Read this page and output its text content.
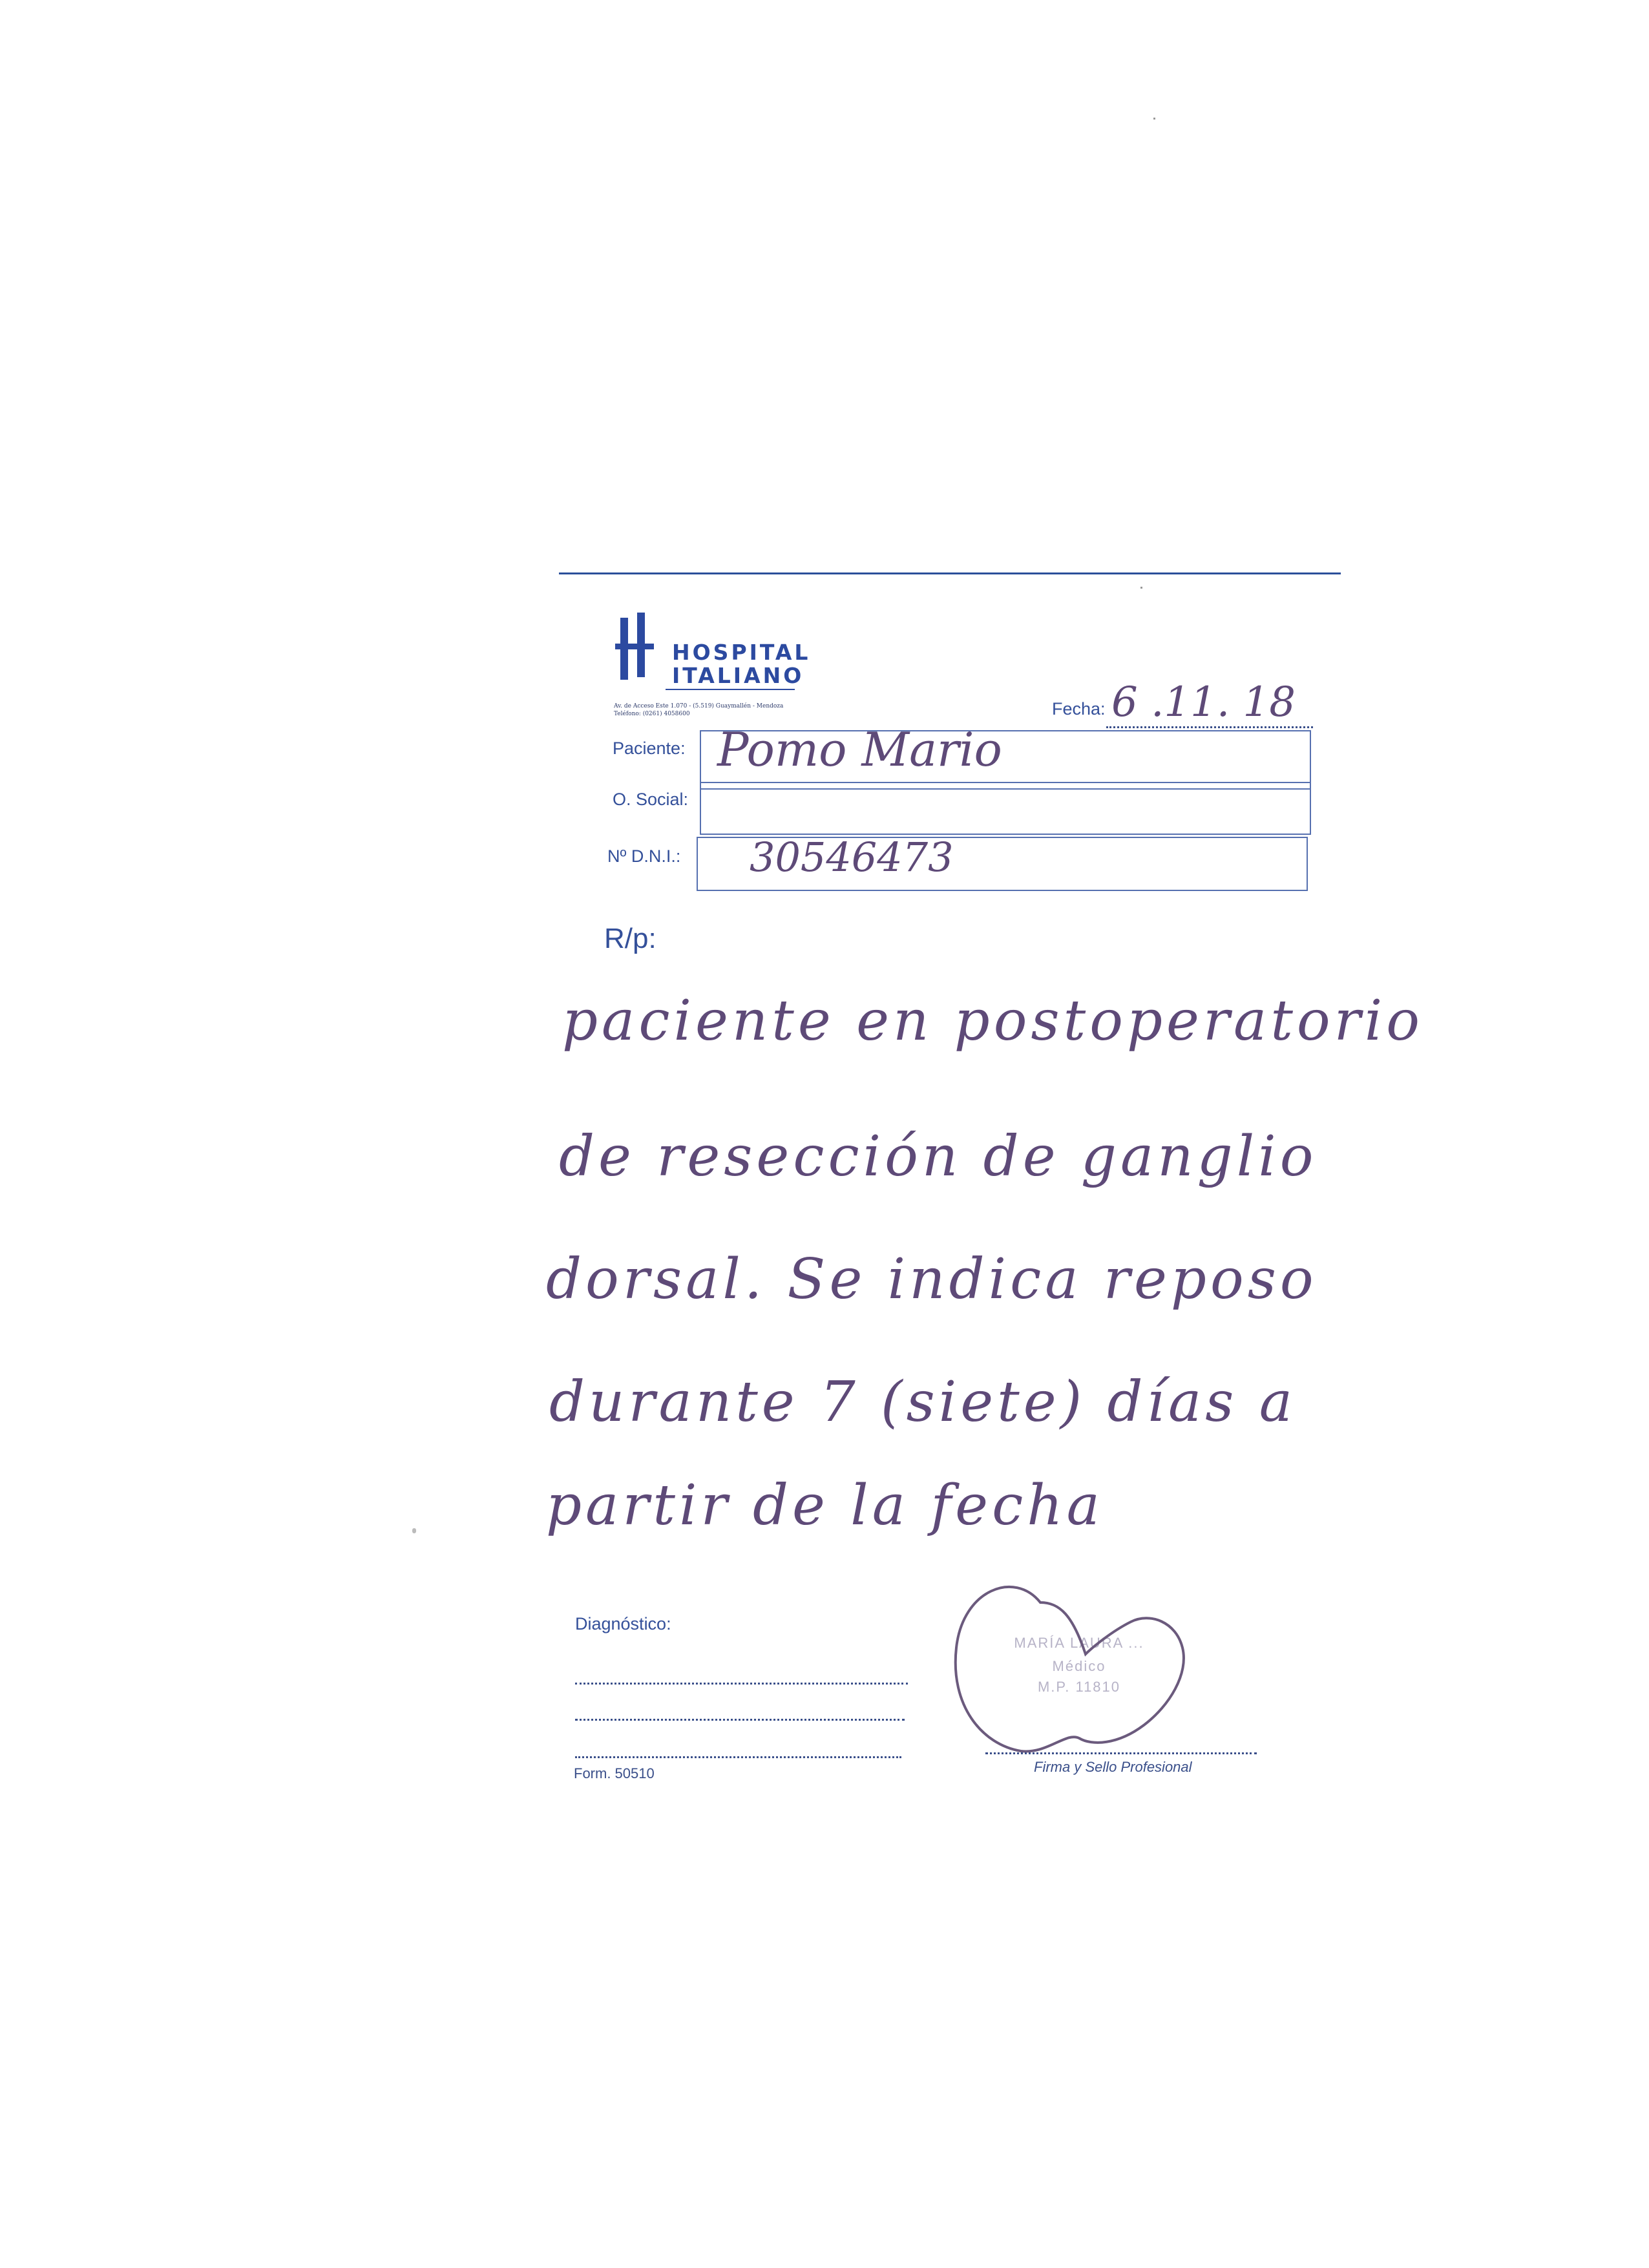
HOSPITAL
ITALIANO
Av. de Acceso Este 1.070 - (5.519) Guaymallén - Mendoza
Teléfono: (0261) 4058600	Fecha: 6 .11. 18
Paciente: Pomo Mario
O. Social:
Nº D.N.I.: 30546473
R/p:
paciente en postoperatorio
de resección de ganglio
dorsal. Se indica reposo
durante 7 (siete) días a
partir de la fecha
Diagnóstico:
Form. 50510
MARÍA LAURA ...
Médico
M.P. 11810
Firma y Sello Profesional
